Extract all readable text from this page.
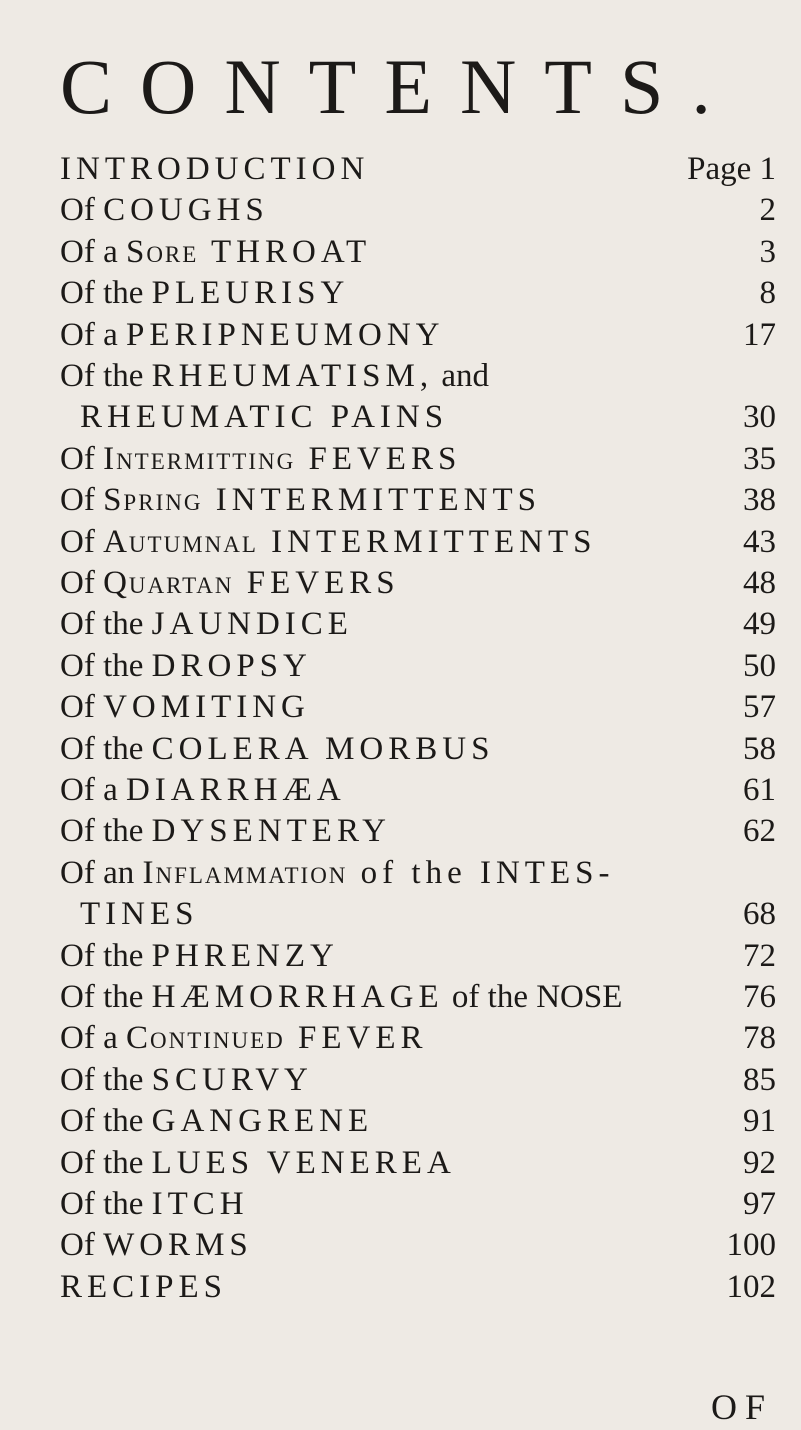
CONTENTS.
INTRODUCTION	Page 1
Of COUGHS	2
Of a Sore THROAT	3
Of the PLEURISY	8
Of a PERIPNEUMONY	17
Of the RHEUMATISM, and
RHEUMATIC PAINS	30
Of Intermitting FEVERS	35
Of Spring INTERMITTENTS	38
Of Autumnal INTERMITTENTS	43
Of Quartan FEVERS	48
Of the JAUNDICE	49
Of the DROPSY	50
Of VOMITING	57
Of the COLERA MORBUS	58
Of a DIARRHÆA	61
Of the DYSENTERY	62
Of an Inflammation of the INTES-
TINES	68
Of the PHRENZY	72
Of the HÆMORRHAGE of the NOSE	76
Of a Continued FEVER	78
Of the SCURVY	85
Of the GANGRENE	91
Of the LUES VENEREA	92
Of the ITCH	97
Of WORMS	100
RECIPES	102
OF
